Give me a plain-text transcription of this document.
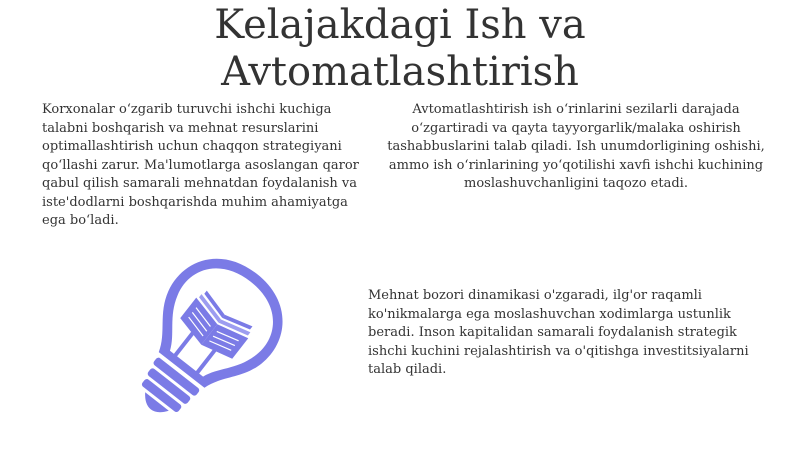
Kelajakdagi Ish va
Avtomatlashtirish

Korxonalar o‘zgarib turuvchi ishchi kuchiga talabni boshqarish va mehnat resurslarini optimallashtirish uchun chaqqon strategiyani qo‘llashi zarur. Ma'lumotlarga asoslangan qaror qabul qilish samarali mehnatdan foydalanish va iste'dodlarni boshqarishda muhim ahamiyatga ega bo‘ladi.

Avtomatlashtirish ish o‘rinlarini sezilarli darajada o‘zgartiradi va qayta tayyorgarlik/malaka oshirish tashabbuslarini talab qiladi. Ish unumdorligining oshishi, ammo ish o‘rinlarining yo‘qotilishi xavfi ishchi kuchining moslashuvchanligini taqozo etadi.

Mehnat bozori dinamikasi o'zgaradi, ilg'or raqamli ko'nikmalarga ega moslashuvchan xodimlarga ustunlik beradi. Inson kapitalidan samarali foydalanish strategik ishchi kuchini rejalashtirish va o'qitishga investitsiyalarni talab qiladi.
